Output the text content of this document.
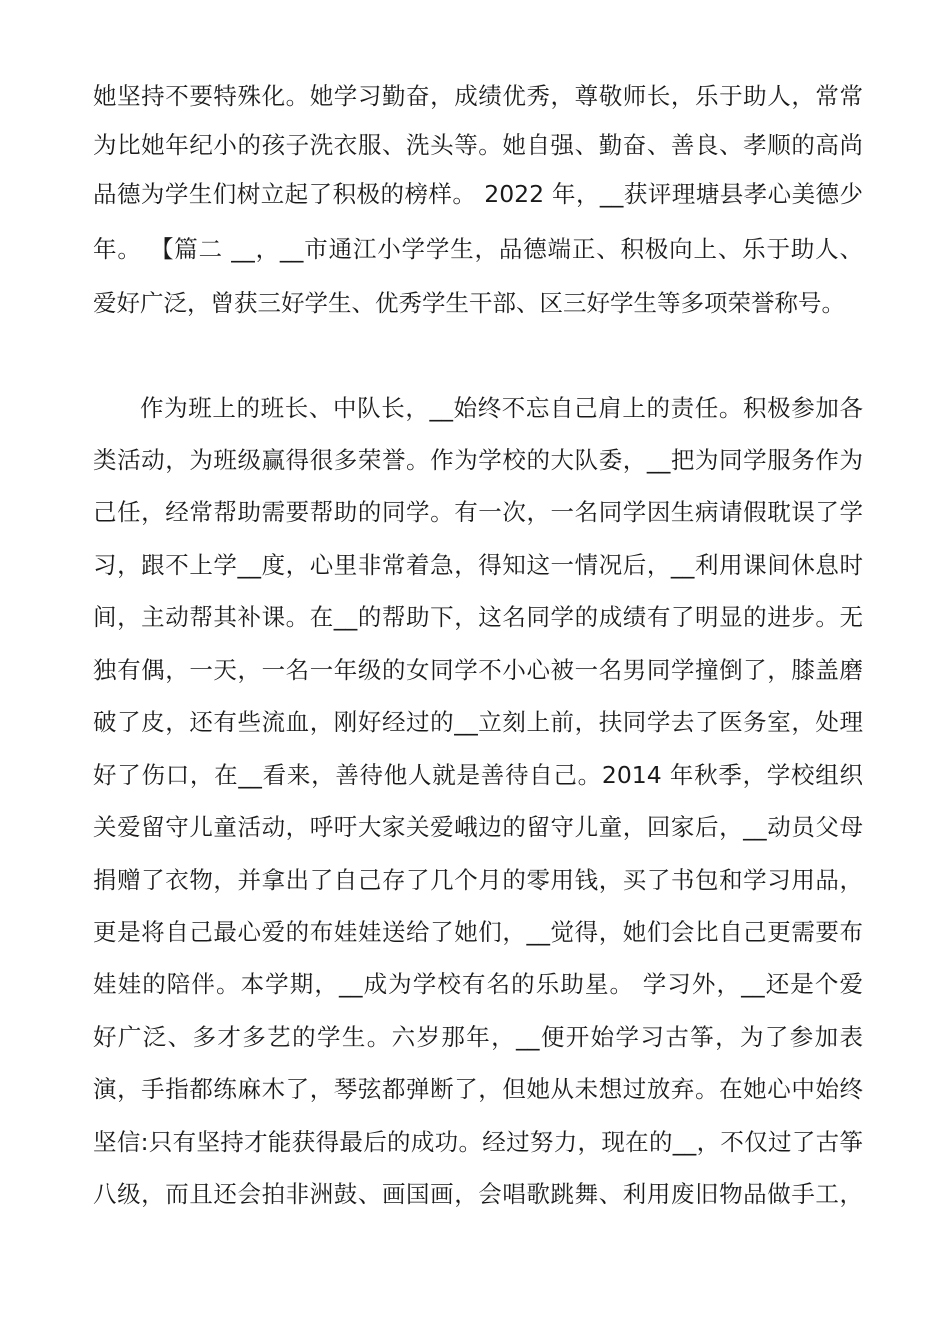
她坚持不要特殊化。她学习勤奋，成绩优秀，尊敬师长，乐于助人，常常
为比她年纪小的孩子洗衣服、洗头等。她自强、勤奋、善良、孝顺的高尚
品德为学生们树立起了积极的榜样。 2022 年，__获评理塘县孝心美德少
年。 【篇二 __，__市通江小学学生，品德端正、积极向上、乐于助人、
爱好广泛，曾获三好学生、优秀学生干部、区三好学生等多项荣誉称号。
作为班上的班长、中队长，__始终不忘自己肩上的责任。积极参加各
类活动，为班级赢得很多荣誉。作为学校的大队委，__把为同学服务作为
己任，经常帮助需要帮助的同学。有一次，一名同学因生病请假耽误了学
习，跟不上学__度，心里非常着急，得知这一情况后，__利用课间休息时
间，主动帮其补课。在__的帮助下，这名同学的成绩有了明显的进步。无
独有偶，一天，一名一年级的女同学不小心被一名男同学撞倒了，膝盖磨
破了皮，还有些流血，刚好经过的__立刻上前，扶同学去了医务室，处理
好了伤口，在__看来，善待他人就是善待自己。2014 年秋季，学校组织
关爱留守儿童活动，呼吁大家关爱峨边的留守儿童，回家后，__动员父母
捐赠了衣物，并拿出了自己存了几个月的零用钱，买了书包和学习用品，
更是将自己最心爱的布娃娃送给了她们，__觉得，她们会比自己更需要布
娃娃的陪伴。本学期，__成为学校有名的乐助星。 学习外，__还是个爱
好广泛、多才多艺的学生。六岁那年，__便开始学习古筝，为了参加表
演，手指都练麻木了，琴弦都弹断了，但她从未想过放弃。在她心中始终
坚信:只有坚持才能获得最后的成功。经过努力，现在的__，不仅过了古筝
八级，而且还会拍非洲鼓、画国画，会唱歌跳舞、利用废旧物品做手工，
